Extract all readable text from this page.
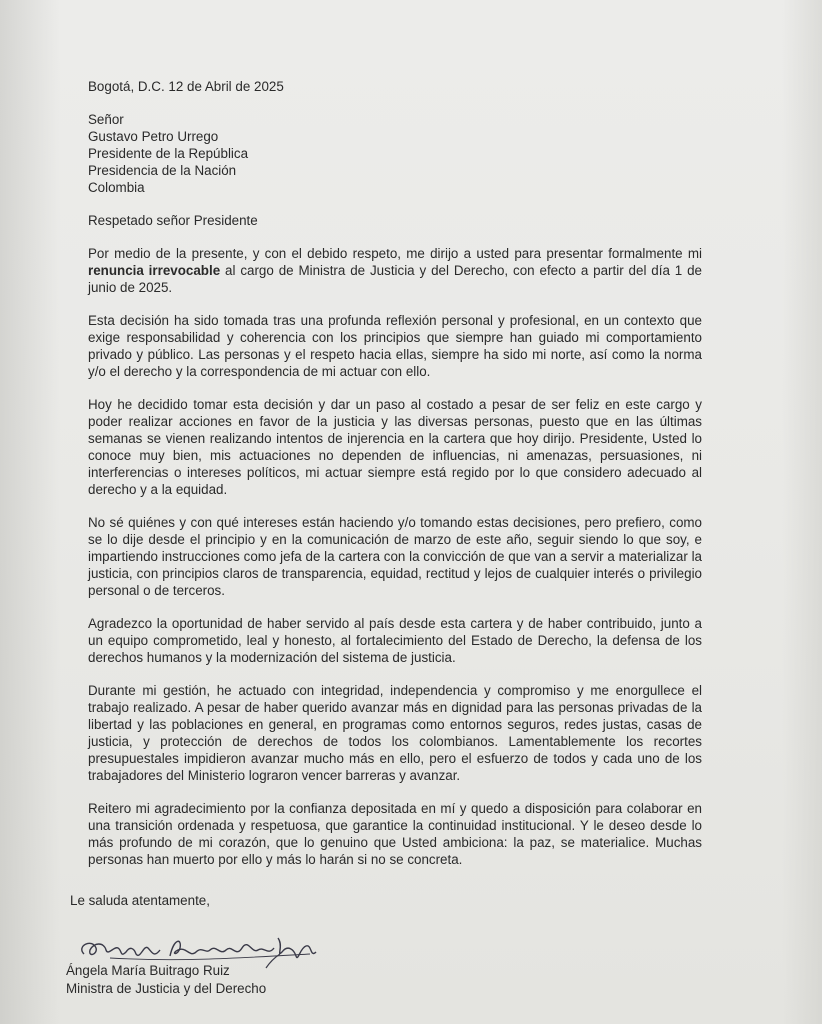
Bogotá, D.C. 12 de Abril de 2025
Señor
Gustavo Petro Urrego
Presidente de la República
Presidencia de la Nación
Colombia
Respetado señor Presidente

Por medio de la presente, y con el debido respeto, me dirijo a usted para presentar formalmente mi renuncia irrevocable al cargo de Ministra de Justicia y del Derecho, con efecto a partir del día 1 de junio de 2025.

Esta decisión ha sido tomada tras una profunda reflexión personal y profesional, en un contexto que exige responsabilidad y coherencia con los principios que siempre han guiado mi comportamiento privado y público. Las personas y el respeto hacia ellas, siempre ha sido mi norte, así como la norma y/o el derecho y la correspondencia de mi actuar con ello.

Hoy he decidido tomar esta decisión y dar un paso al costado a pesar de ser feliz en este cargo y poder realizar acciones en favor de la justicia y las diversas personas, puesto que en las últimas semanas se vienen realizando intentos de injerencia en la cartera que hoy dirijo. Presidente, Usted lo conoce muy bien, mis actuaciones no dependen de influencias, ni amenazas, persuasiones, ni interferencias o intereses políticos, mi actuar siempre está regido por lo que considero adecuado al derecho y a la equidad.

No sé quiénes y con qué intereses están haciendo y/o tomando estas decisiones, pero prefiero, como se lo dije desde el principio y en la comunicación de marzo de este año, seguir siendo lo que soy, e impartiendo instrucciones como jefa de la cartera con la convicción de que van a servir a materializar la justicia, con principios claros de transparencia, equidad, rectitud y lejos de cualquier interés o privilegio personal o de terceros.

Agradezco la oportunidad de haber servido al país desde esta cartera y de haber contribuido, junto a un equipo comprometido, leal y honesto, al fortalecimiento del Estado de Derecho, la defensa de los derechos humanos y la modernización del sistema de justicia.

Durante mi gestión, he actuado con integridad, independencia y compromiso y me enorgullece el trabajo realizado. A pesar de haber querido avanzar más en dignidad para las personas privadas de la libertad y las poblaciones en general, en programas como entornos seguros, redes justas, casas de justicia, y protección de derechos de todos los colombianos. Lamentablemente los recortes presupuestales impidieron avanzar mucho más en ello, pero el esfuerzo de todos y cada uno de los trabajadores del Ministerio lograron vencer barreras y avanzar.

Reitero mi agradecimiento por la confianza depositada en mí y quedo a disposición para colaborar en una transición ordenada y respetuosa, que garantice la continuidad institucional. Y le deseo desde lo más profundo de mi corazón, que lo genuino que Usted ambiciona: la paz, se materialice. Muchas personas han muerto por ello y más lo harán si no se concreta.

Le saluda atentamente,
Ángela María Buitrago Ruiz
Ministra de Justicia y del Derecho
